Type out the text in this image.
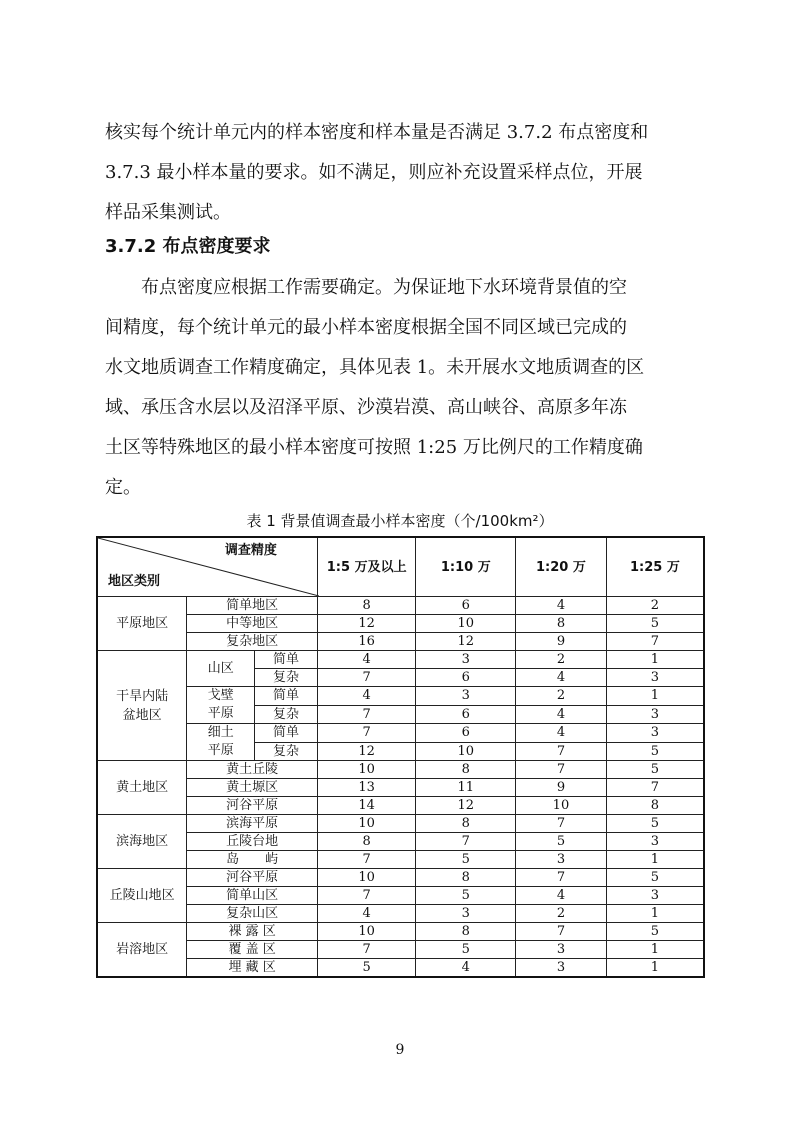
核实每个统计单元内的样本密度和样本量是否满足 3.7.2 布点密度和

3.7.3 最小样本量的要求。如不满足，则应补充设置采样点位，开展

样品采集测试。

3.7.2 布点密度要求

　　布点密度应根据工作需要确定。为保证地下水环境背景值的空

间精度，每个统计单元的最小样本密度根据全国不同区域已完成的

水文地质调查工作精度确定，具体见表 1。未开展水文地质调查的区

域、承压含水层以及沼泽平原、沙漠岩漠、高山峡谷、高原多年冻

土区等特殊地区的最小样本密度可按照 1:25 万比例尺的工作精度确

定。

表 1 背景值调查最小样本密度（个/100km²）

调查精度
地区类别			1:5 万及以上	1:10 万	1:20 万	1:25 万
平原地区	简单地区		8	6	4	2
	中等地区		12	10	8	5
	复杂地区		16	12	9	7
干旱内陆盆地区	山区	简单	4	3	2	1
		复杂	7	6	4	3
	戈壁平原	简单	4	3	2	1
		复杂	7	6	4	3
	细土平原	简单	7	6	4	3
		复杂	12	10	7	5
黄土地区	黄土丘陵		10	8	7	5
	黄土塬区		13	11	9	7
	河谷平原		14	12	10	8
滨海地区	滨海平原		10	8	7	5
	丘陵台地		8	7	5	3
	岛　　屿		7	5	3	1
丘陵山地区	河谷平原		10	8	7	5
	简单山区		7	5	4	3
	复杂山区		4	3	2	1
岩溶地区	裸 露 区		10	8	7	5
	覆 盖 区		7	5	3	1
	埋 藏 区		5	4	3	1

9
